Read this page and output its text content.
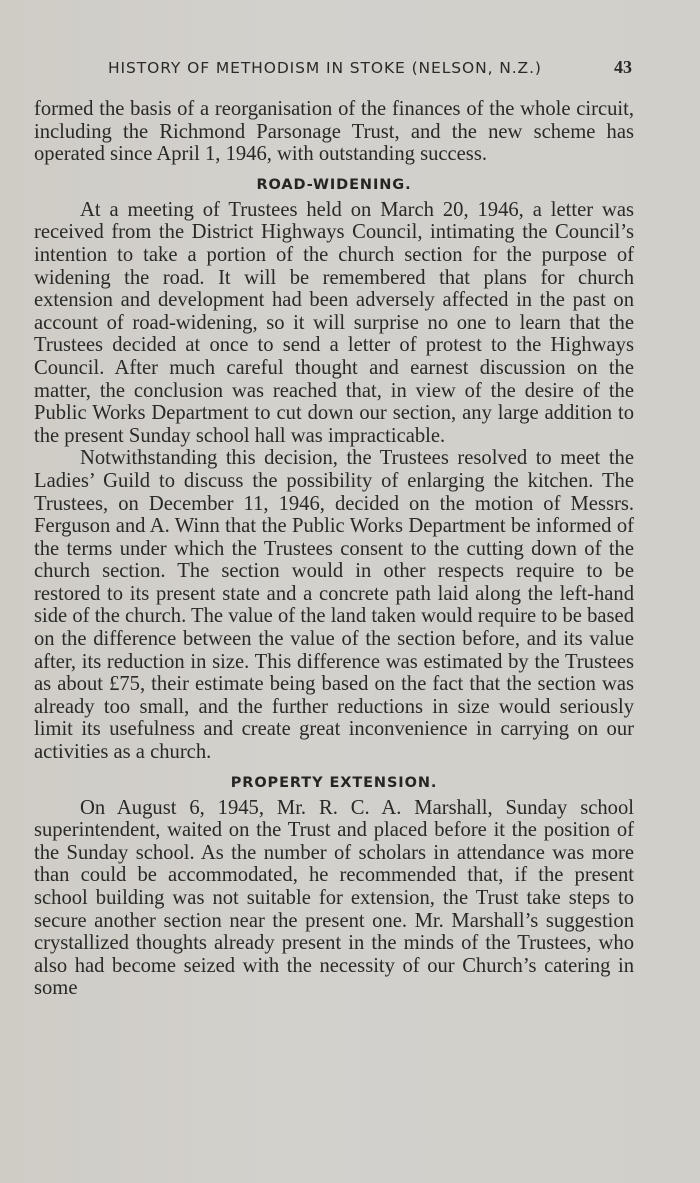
HISTORY OF METHODISM IN STOKE (NELSON, N.Z.)	43

formed the basis of a reorganisation of the finances of the whole circuit, including the Richmond Parsonage Trust, and the new scheme has operated since April 1, 1946, with outstanding success.

ROAD-WIDENING.

At a meeting of Trustees held on March 20, 1946, a letter was received from the District Highways Council, intimating the Council’s intention to take a portion of the church section for the purpose of widening the road. It will be remembered that plans for church extension and development had been adversely affected in the past on account of road-widening, so it will surprise no one to learn that the Trustees decided at once to send a letter of protest to the Highways Council. After much careful thought and earnest discussion on the matter, the conclusion was reached that, in view of the desire of the Public Works Department to cut down our section, any large addition to the present Sunday school hall was impracticable.

Notwithstanding this decision, the Trustees resolved to meet the Ladies’ Guild to discuss the possibility of enlarging the kitchen. The Trustees, on December 11, 1946, decided on the motion of Messrs. Ferguson and A. Winn that the Public Works Department be informed of the terms under which the Trustees consent to the cutting down of the church section. The section would in other respects require to be restored to its present state and a concrete path laid along the left-hand side of the church. The value of the land taken would require to be based on the difference between the value of the section before, and its value after, its reduction in size. This difference was estimated by the Trustees as about £75, their estimate being based on the fact that the section was already too small, and the further reductions in size would seriously limit its usefulness and create great inconvenience in carrying on our activities as a church.

PROPERTY EXTENSION.

On August 6, 1945, Mr. R. C. A. Marshall, Sunday school superintendent, waited on the Trust and placed before it the position of the Sunday school. As the number of scholars in attendance was more than could be accommodated, he recommended that, if the present school building was not suitable for extension, the Trust take steps to secure another section near the present one. Mr. Marshall’s suggestion crystallized thoughts already present in the minds of the Trustees, who also had become seized with the necessity of our Church’s catering in some
